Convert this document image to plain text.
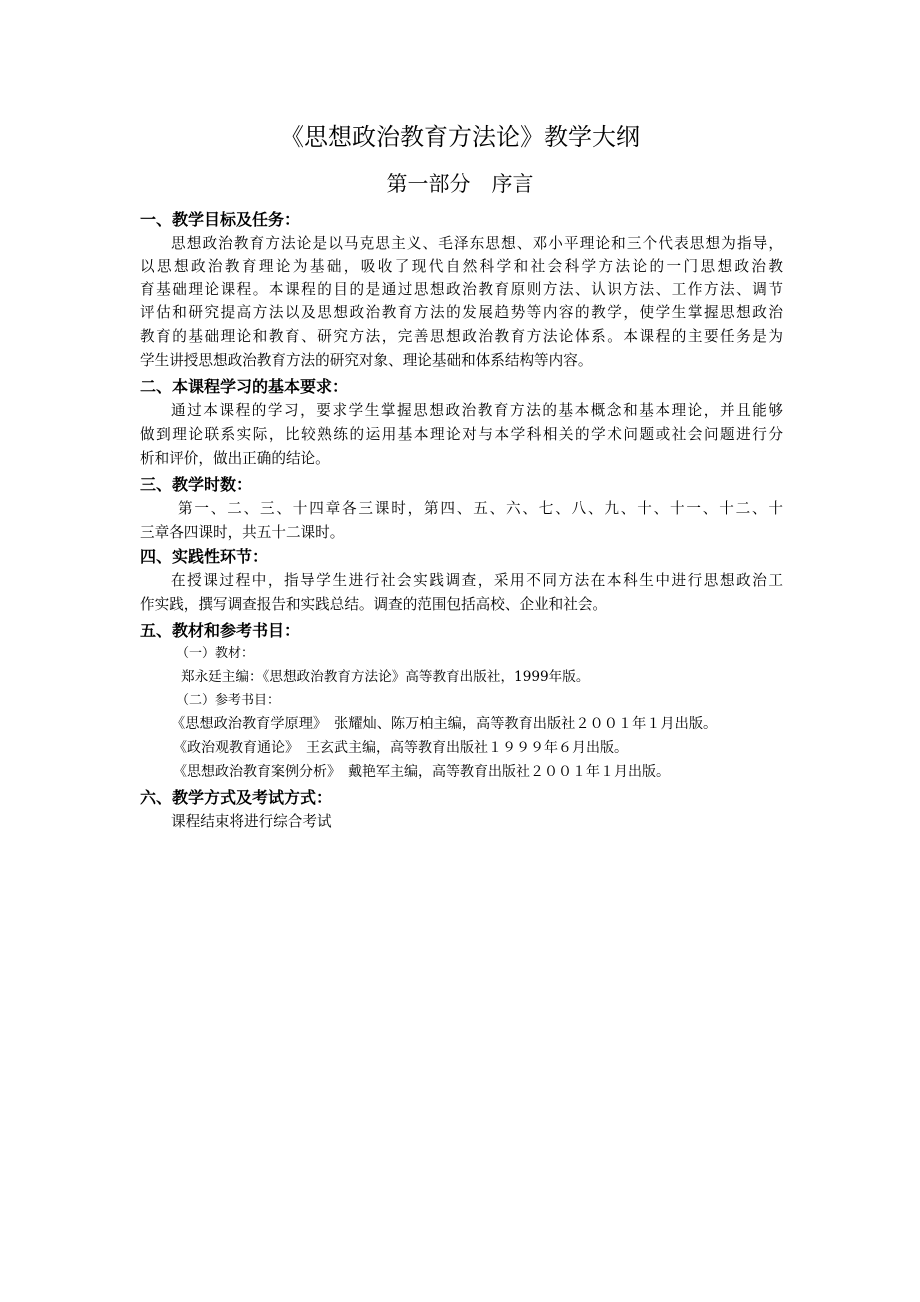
《思想政治教育方法论》教学大纲
第一部分　序言
一、教学目标及任务：
思想政治教育方法论是以马克思主义、毛泽东思想、邓小平理论和三个代表思想为指导，
以思想政治教育理论为基础，吸收了现代自然科学和社会科学方法论的一门思想政治教
育基础理论课程。本课程的目的是通过思想政治教育原则方法、认识方法、工作方法、调节
评估和研究提高方法以及思想政治教育方法的发展趋势等内容的教学，使学生掌握思想政治
教育的基础理论和教育、研究方法，完善思想政治教育方法论体系。本课程的主要任务是为
学生讲授思想政治教育方法的研究对象、理论基础和体系结构等内容。
二、本课程学习的基本要求：
通过本课程的学习，要求学生掌握思想政治教育方法的基本概念和基本理论，并且能够
做到理论联系实际，比较熟练的运用基本理论对与本学科相关的学术问题或社会问题进行分
析和评价，做出正确的结论。
三、教学时数：
第一、二、三、十四章各三课时，第四、五、六、七、八、九、十、十一、十二、十
三章各四课时，共五十二课时。
四、实践性环节：
在授课过程中，指导学生进行社会实践调查，采用不同方法在本科生中进行思想政治工
作实践，撰写调查报告和实践总结。调查的范围包括高校、企业和社会。
五、教材和参考书目：
（一）教材：
郑永廷主编：《思想政治教育方法论》高等教育出版社，1999年版。
（二）参考书目：
《思想政治教育学原理》　张耀灿、陈万柏主编，高等教育出版社２００１年１月出版。
《政治观教育通论》　王玄武主编，高等教育出版社１９９９年６月出版。
《思想政治教育案例分析》　戴艳军主编，高等教育出版社２００１年１月出版。
六、教学方式及考试方式：
课程结束将进行综合考试
